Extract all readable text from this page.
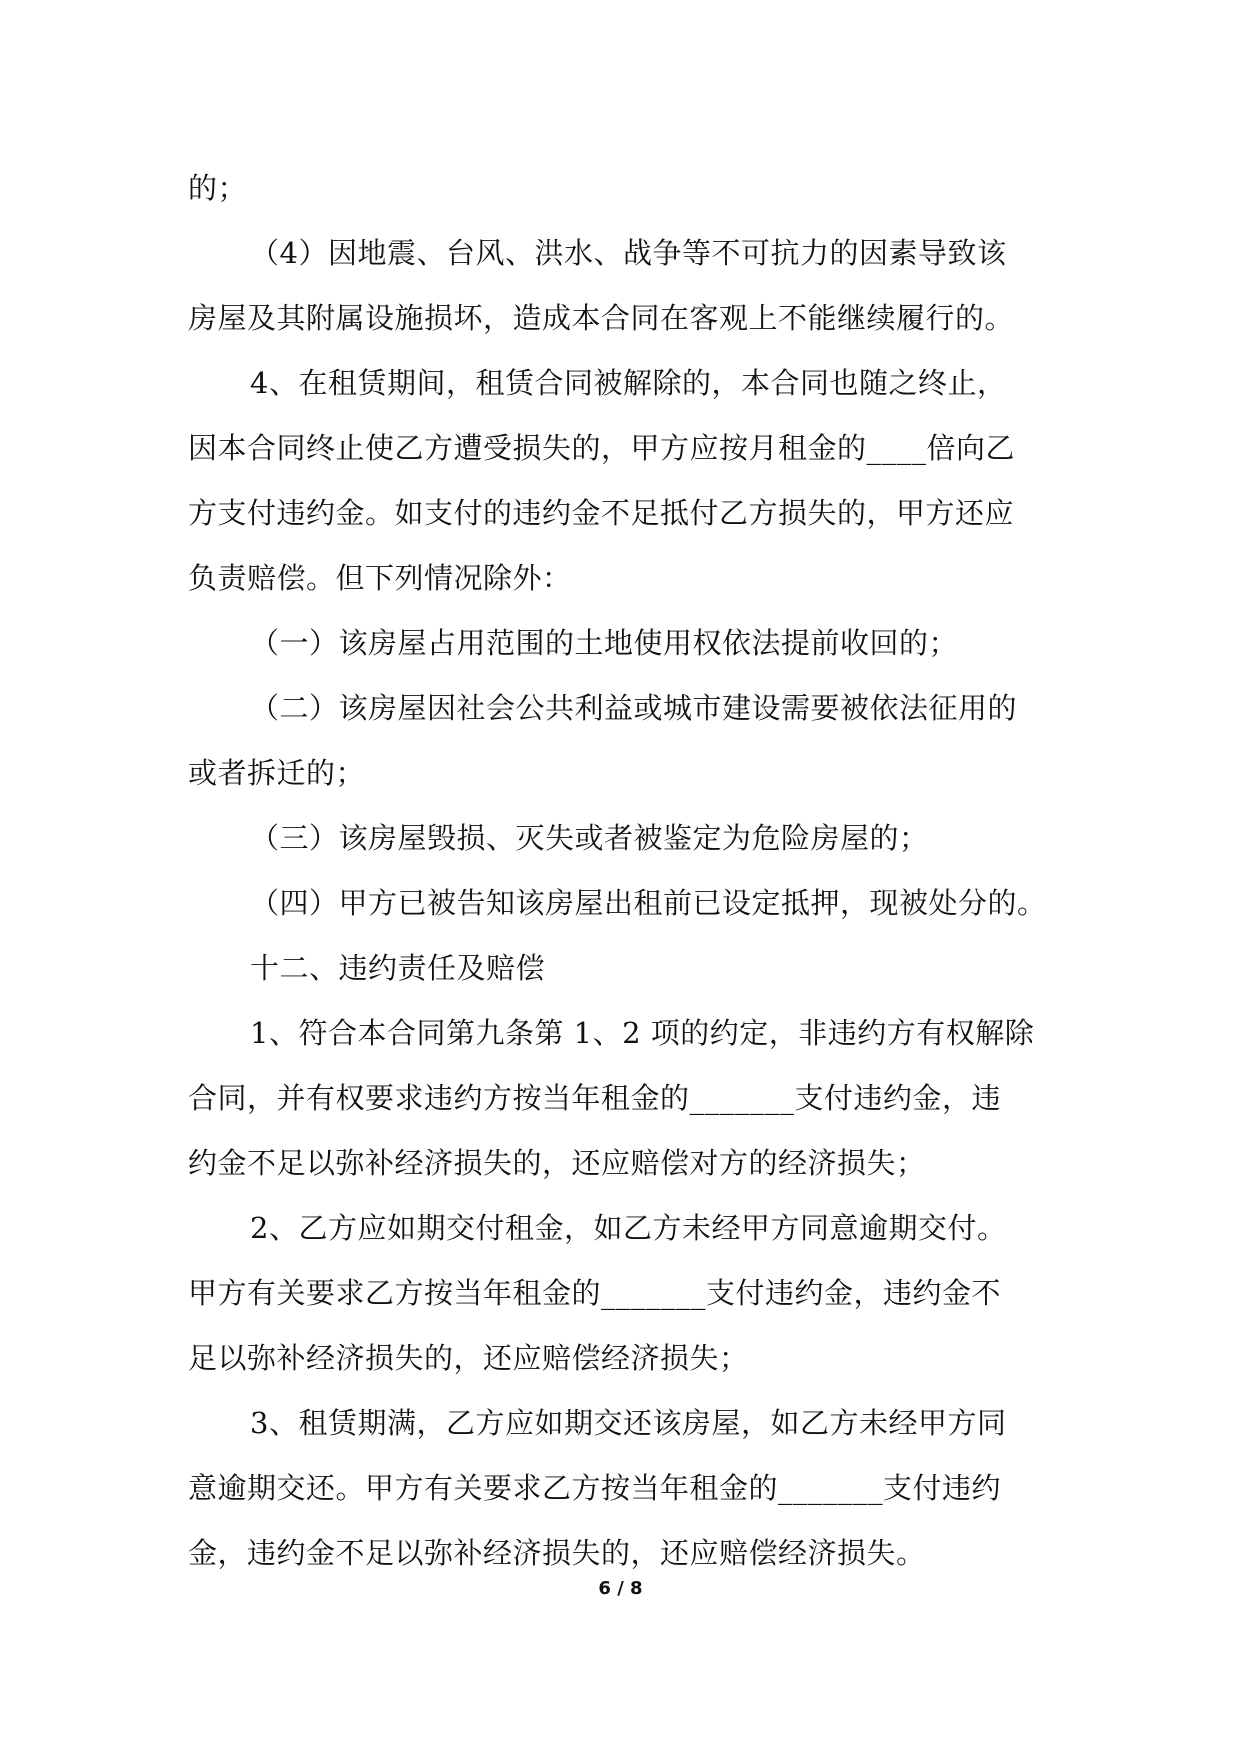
的；
（4）因地震、台风、洪水、战争等不可抗力的因素导致该
房屋及其附属设施损坏，造成本合同在客观上不能继续履行的。
4、在租赁期间，租赁合同被解除的，本合同也随之终止，
因本合同终止使乙方遭受损失的，甲方应按月租金的____倍向乙
方支付违约金。如支付的违约金不足抵付乙方损失的，甲方还应
负责赔偿。但下列情况除外：
（一）该房屋占用范围的土地使用权依法提前收回的；
（二）该房屋因社会公共利益或城市建设需要被依法征用的
或者拆迁的；
（三）该房屋毁损、灭失或者被鉴定为危险房屋的；
（四）甲方已被告知该房屋出租前已设定抵押，现被处分的。
十二、违约责任及赔偿
1、符合本合同第九条第 1、2 项的约定，非违约方有权解除
合同，并有权要求违约方按当年租金的_______支付违约金，违
约金不足以弥补经济损失的，还应赔偿对方的经济损失；
2、乙方应如期交付租金，如乙方未经甲方同意逾期交付。
甲方有关要求乙方按当年租金的_______支付违约金，违约金不
足以弥补经济损失的，还应赔偿经济损失；
3、租赁期满，乙方应如期交还该房屋，如乙方未经甲方同
意逾期交还。甲方有关要求乙方按当年租金的_______支付违约
金，违约金不足以弥补经济损失的，还应赔偿经济损失。
6 / 8
